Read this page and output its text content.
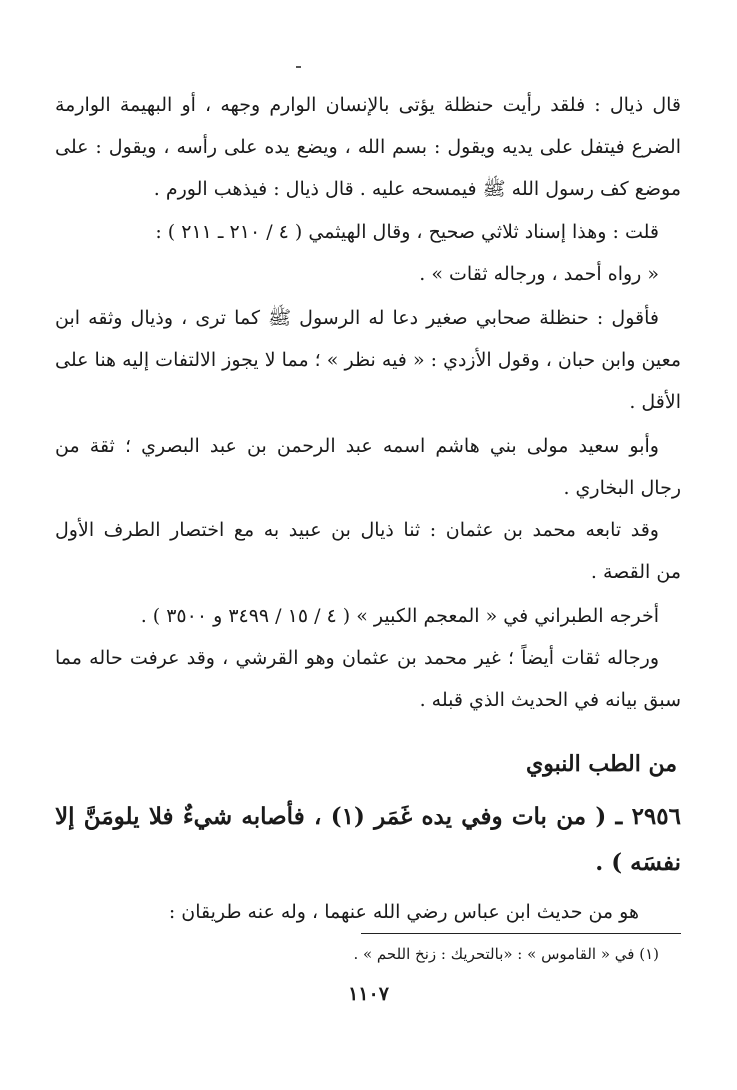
قال ذيال : فلقد رأيت حنظلة يؤتى بالإنسان الوارم وجهه ، أو البهيمة الوارمة
الضرع فيتفل على يديه ويقول : بسم الله ، ويضع يده على رأسه ، ويقول : على
موضع كف رسول الله ﷺ فيمسحه عليه . قال ذيال : فيذهب الورم .
قلت : وهذا إسناد ثلاثي صحيح ، وقال الهيثمي ( ٤ / ٢١٠ ـ ٢١١ ) :
« رواه أحمد ، ورجاله ثقات » .
فأقول : حنظلة صحابي صغير دعا له الرسول ﷺ كما ترى ، وذيال وثقه ابن
معين وابن حبان ، وقول الأزدي : « فيه نظر » ؛ مما لا يجوز الالتفات إليه هنا على
الأقل .
وأبو سعيد مولى بني هاشم اسمه عبد الرحمن بن عبد البصري ؛ ثقة من
رجال البخاري .
وقد تابعه محمد بن عثمان : ثنا ذيال بن عبيد به مع اختصار الطرف الأول
من القصة .
أخرجه الطبراني في « المعجم الكبير » ( ٤ / ١٥ / ٣٤٩٩ و ٣٥٠٠ ) .
ورجاله ثقات أيضاً ؛ غير محمد بن عثمان وهو القرشي ، وقد عرفت حاله مما
سبق بيانه في الحديث الذي قبله .
من الطب النبوي
٢٩٥٦ ـ ( من بات وفي يده غَمَر (١) ، فأصابه شيءٌ فلا يلومَنَّ إلا
نفسَه ) .
هو من حديث ابن عباس رضي الله عنهما ، وله عنه طريقان :
(١) في « القاموس » : «بالتحريك : زنخ اللحم » .
١١٠٧
